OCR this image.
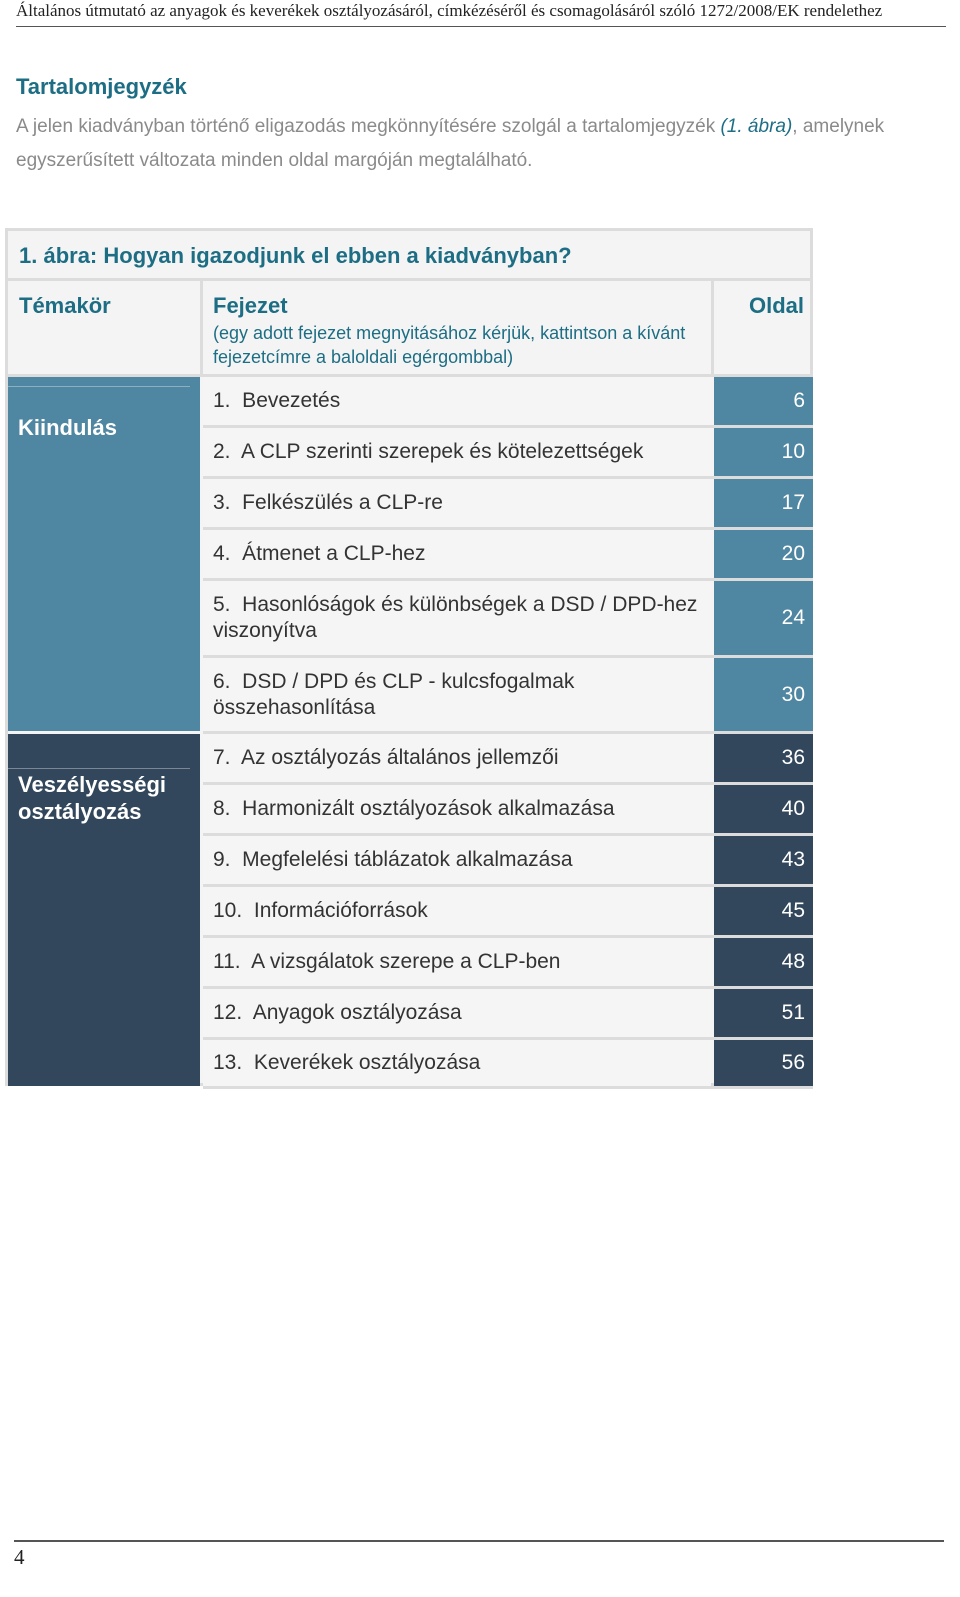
Általános útmutató az anyagok és keverékek osztályozásáról, címkézéséről és csomagolásáról szóló 1272/2008/EK rendelethez
Tartalomjegyzék
A jelen kiadványban történő eligazodás megkönnyítésére szolgál a tartalomjegyzék (1. ábra), amelynek egyszerűsített változata minden oldal margóján megtalálható.
1. ábra: Hogyan igazodjunk el ebben a kiadványban?
Témakör	Fejezet
(egy adott fejezet megnyitásához kérjük, kattintson a kívánt fejezetcímre a baloldali egérgombbal)
Oldal
Kiindulás
Veszélyességi osztályozás
1.  Bevezetés	6
2.  A CLP szerinti szerepek és kötelezettségek	10
3.  Felkészülés a CLP-re	17
4.  Átmenet a CLP-hez	20
5.  Hasonlóságok és különbségek a DSD / DPD-hez viszonyítva
24
6.  DSD / DPD és CLP - kulcsfogalmak összehasonlítása
30
7.  Az osztályozás általános jellemzői	36
8.  Harmonizált osztályozások alkalmazása	40
9.  Megfelelési táblázatok alkalmazása	43
10.  Információforrások	45
11.  A vizsgálatok szerepe a CLP-ben	48
12.  Anyagok osztályozása	51
13.  Keverékek osztályozása	56
4
